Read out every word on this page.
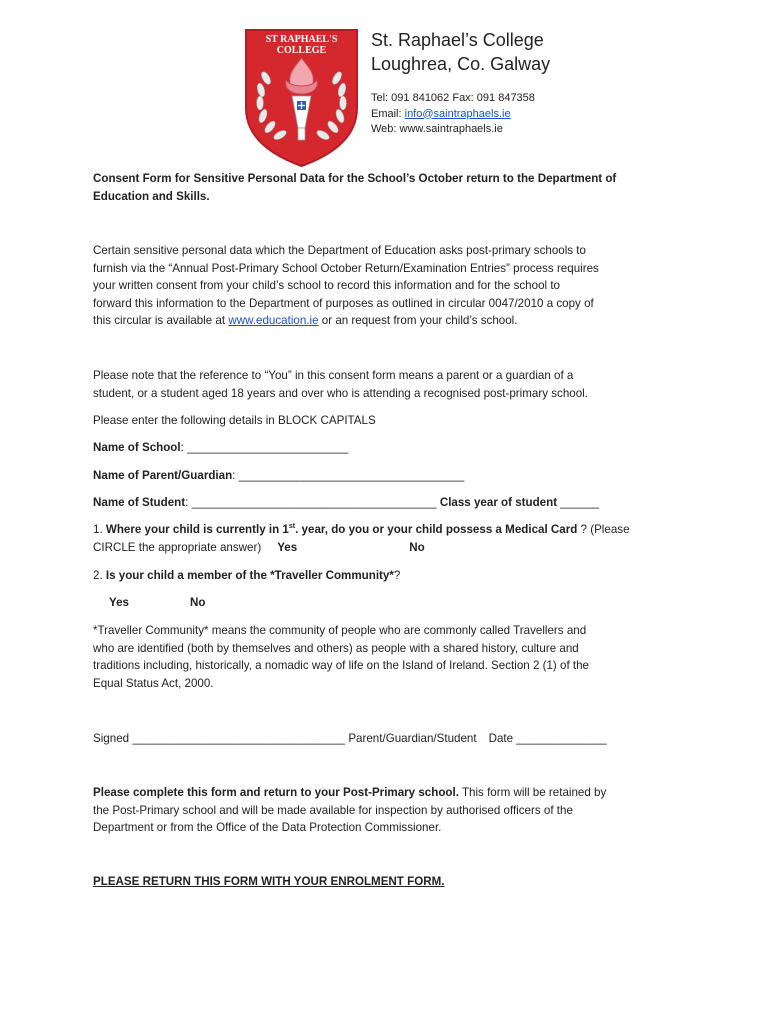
ST RAPHAEL'S
COLLEGE
St. Raphael’s College
Loughrea, Co. Galway
Tel: 091 841062 Fax: 091 847358
Email: info@saintraphaels.ie
Web: www.saintraphaels.ie
Consent Form for Sensitive Personal Data for the School’s October return to the Department of
Education and Skills.
Certain sensitive personal data which the Department of Education asks post-primary schools to
furnish via the “Annual Post-Primary School October Return/Examination Entries” process requires
your written consent from your child’s school to record this information and for the school to
forward this information to the Department of purposes as outlined in circular 0047/2010 a copy of
this circular is available at www.education.ie or an request from your child’s school.
Please note that the reference to “You” in this consent form means a parent or a guardian of a
student, or a student aged 18 years and over who is attending a recognised post-primary school.
Please enter the following details in BLOCK CAPITALS
Name of School: _________________________
Name of Parent/Guardian: ___________________________________
Name of Student: ______________________________________ Class year of student ______
1. Where your child is currently in 1st. year, do you or your child possess a Medical Card ? (Please
CIRCLE the appropriate answer) Yes	No
2. Is your child a member of the *Traveller Community*?
Yes	No
*Traveller Community* means the community of people who are commonly called Travellers and
who are identified (both by themselves and others) as people with a shared history, culture and
traditions including, historically, a nomadic way of life on the Island of Ireland. Section 2 (1) of the
Equal Status Act, 2000.
Signed _________________________________ Parent/Guardian/Student Date ______________
Please complete this form and return to your Post-Primary school. This form will be retained by
the Post-Primary school and will be made available for inspection by authorised officers of the
Department or from the Office of the Data Protection Commissioner.
PLEASE RETURN THIS FORM WITH YOUR ENROLMENT FORM.
